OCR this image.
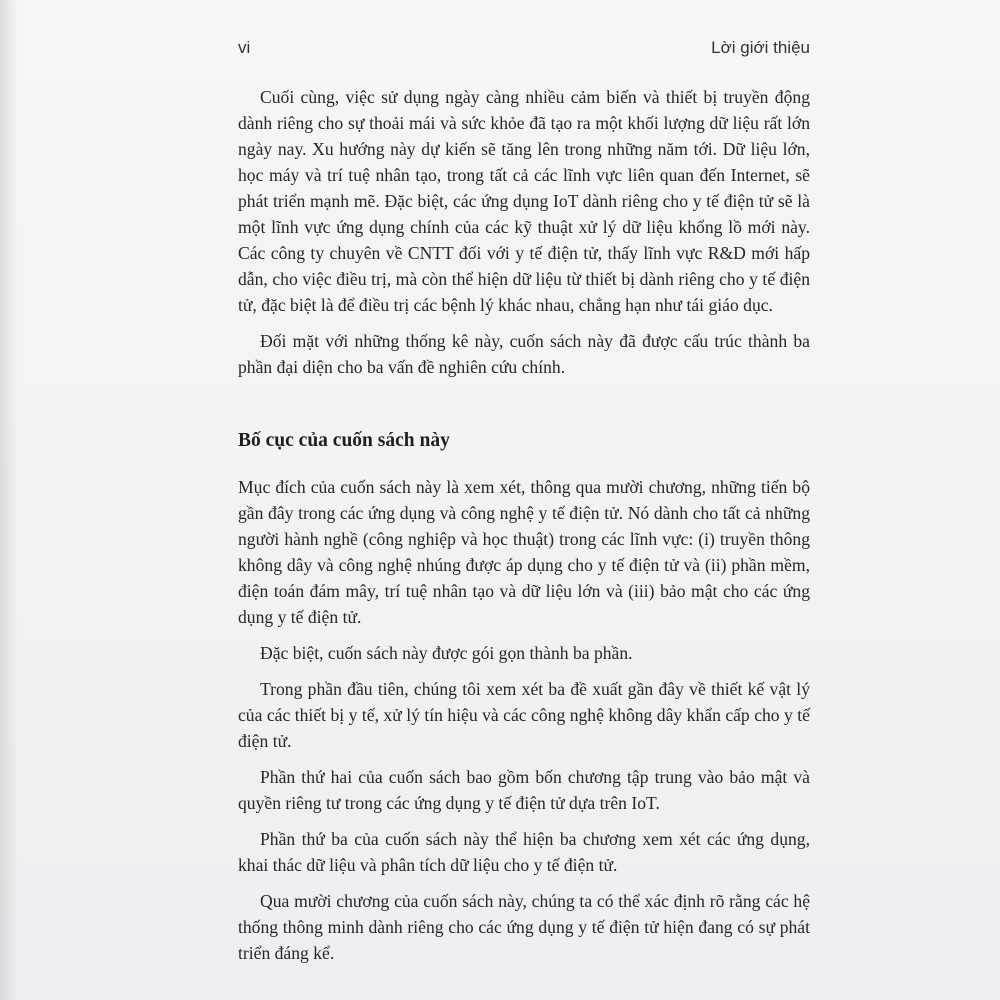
vi	Lời giới thiệu

Cuối cùng, việc sử dụng ngày càng nhiều cảm biến và thiết bị truyền động dành riêng cho sự thoải mái và sức khỏe đã tạo ra một khối lượng dữ liệu rất lớn ngày nay. Xu hướng này dự kiến sẽ tăng lên trong những năm tới. Dữ liệu lớn, học máy và trí tuệ nhân tạo, trong tất cả các lĩnh vực liên quan đến Internet, sẽ phát triển mạnh mẽ. Đặc biệt, các ứng dụng IoT dành riêng cho y tế điện tử sẽ là một lĩnh vực ứng dụng chính của các kỹ thuật xử lý dữ liệu khổng lồ mới này. Các công ty chuyên về CNTT đối với y tế điện tử, thấy lĩnh vực R&D mới hấp dẫn, cho việc điều trị, mà còn thể hiện dữ liệu từ thiết bị dành riêng cho y tế điện tử, đặc biệt là để điều trị các bệnh lý khác nhau, chẳng hạn như tái giáo dục.

Đối mặt với những thống kê này, cuốn sách này đã được cấu trúc thành ba phần đại diện cho ba vấn đề nghiên cứu chính.

Bố cục của cuốn sách này

Mục đích của cuốn sách này là xem xét, thông qua mười chương, những tiến bộ gần đây trong các ứng dụng và công nghệ y tế điện tử. Nó dành cho tất cả những người hành nghề (công nghiệp và học thuật) trong các lĩnh vực: (i) truyền thông không dây và công nghệ nhúng được áp dụng cho y tế điện tử và (ii) phần mềm, điện toán đám mây, trí tuệ nhân tạo và dữ liệu lớn và (iii) bảo mật cho các ứng dụng y tế điện tử.

Đặc biệt, cuốn sách này được gói gọn thành ba phần.

Trong phần đầu tiên, chúng tôi xem xét ba đề xuất gần đây về thiết kế vật lý của các thiết bị y tế, xử lý tín hiệu và các công nghệ không dây khẩn cấp cho y tế điện tử.

Phần thứ hai của cuốn sách bao gồm bốn chương tập trung vào bảo mật và quyền riêng tư trong các ứng dụng y tế điện tử dựa trên IoT.

Phần thứ ba của cuốn sách này thể hiện ba chương xem xét các ứng dụng, khai thác dữ liệu và phân tích dữ liệu cho y tế điện tử.

Qua mười chương của cuốn sách này, chúng ta có thể xác định rõ rằng các hệ thống thông minh dành riêng cho các ứng dụng y tế điện tử hiện đang có sự phát triển đáng kể.
